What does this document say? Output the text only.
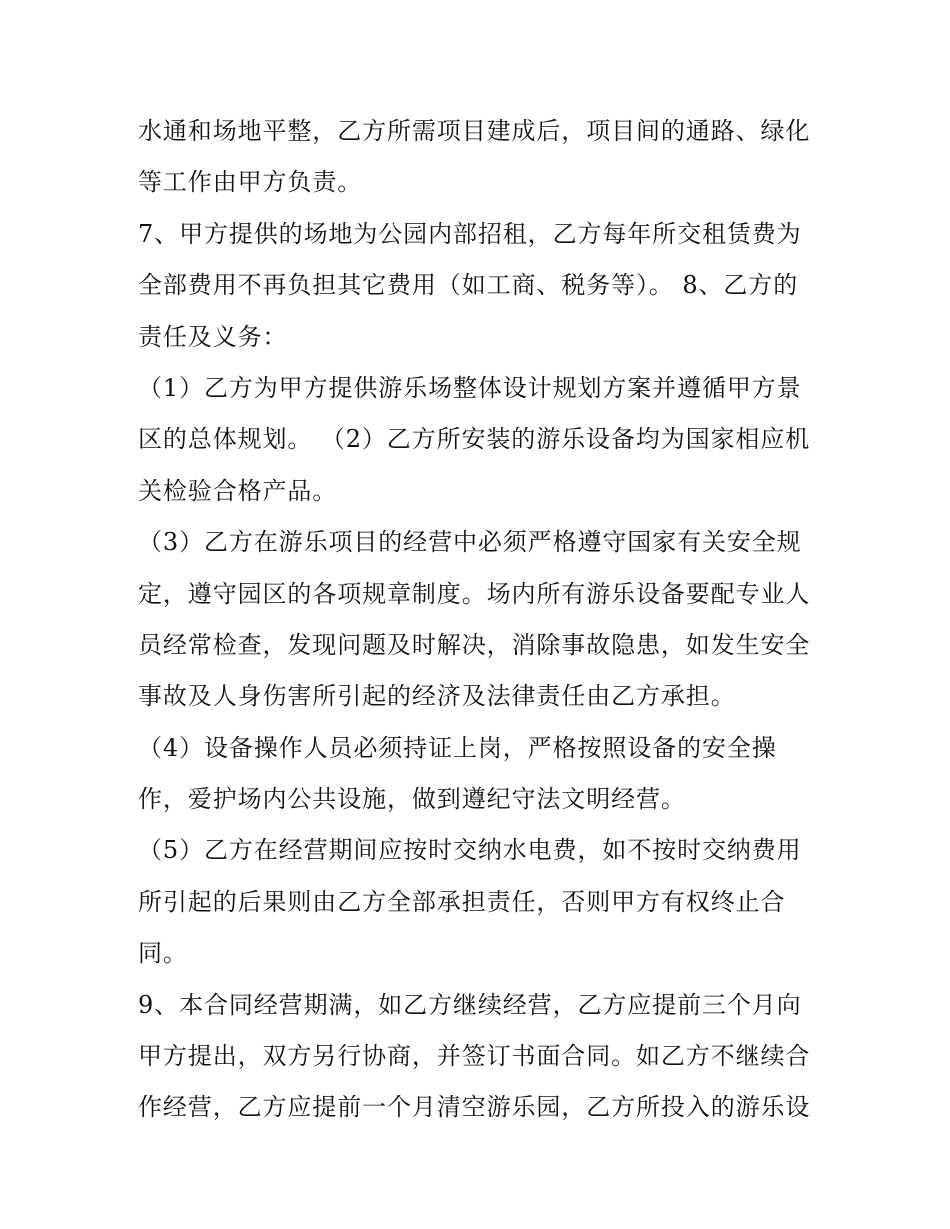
水通和场地平整，乙方所需项目建成后，项目间的通路、绿化
等工作由甲方负责。
7、甲方提供的场地为公园内部招租，乙方每年所交租赁费为
全部费用不再负担其它费用（如工商、税务等）。 8、乙方的
责任及义务：
（1）乙方为甲方提供游乐场整体设计规划方案并遵循甲方景
区的总体规划。 （2）乙方所安装的游乐设备均为国家相应机
关检验合格产品。
（3）乙方在游乐项目的经营中必须严格遵守国家有关安全规
定，遵守园区的各项规章制度。场内所有游乐设备要配专业人
员经常检查，发现问题及时解决，消除事故隐患，如发生安全
事故及人身伤害所引起的经济及法律责任由乙方承担。
（4）设备操作人员必须持证上岗，严格按照设备的安全操
作，爱护场内公共设施，做到遵纪守法文明经营。
（5）乙方在经营期间应按时交纳水电费，如不按时交纳费用
所引起的后果则由乙方全部承担责任，否则甲方有权终止合
同。
9、本合同经营期满，如乙方继续经营，乙方应提前三个月向
甲方提出，双方另行协商，并签订书面合同。如乙方不继续合
作经营，乙方应提前一个月清空游乐园，乙方所投入的游乐设
